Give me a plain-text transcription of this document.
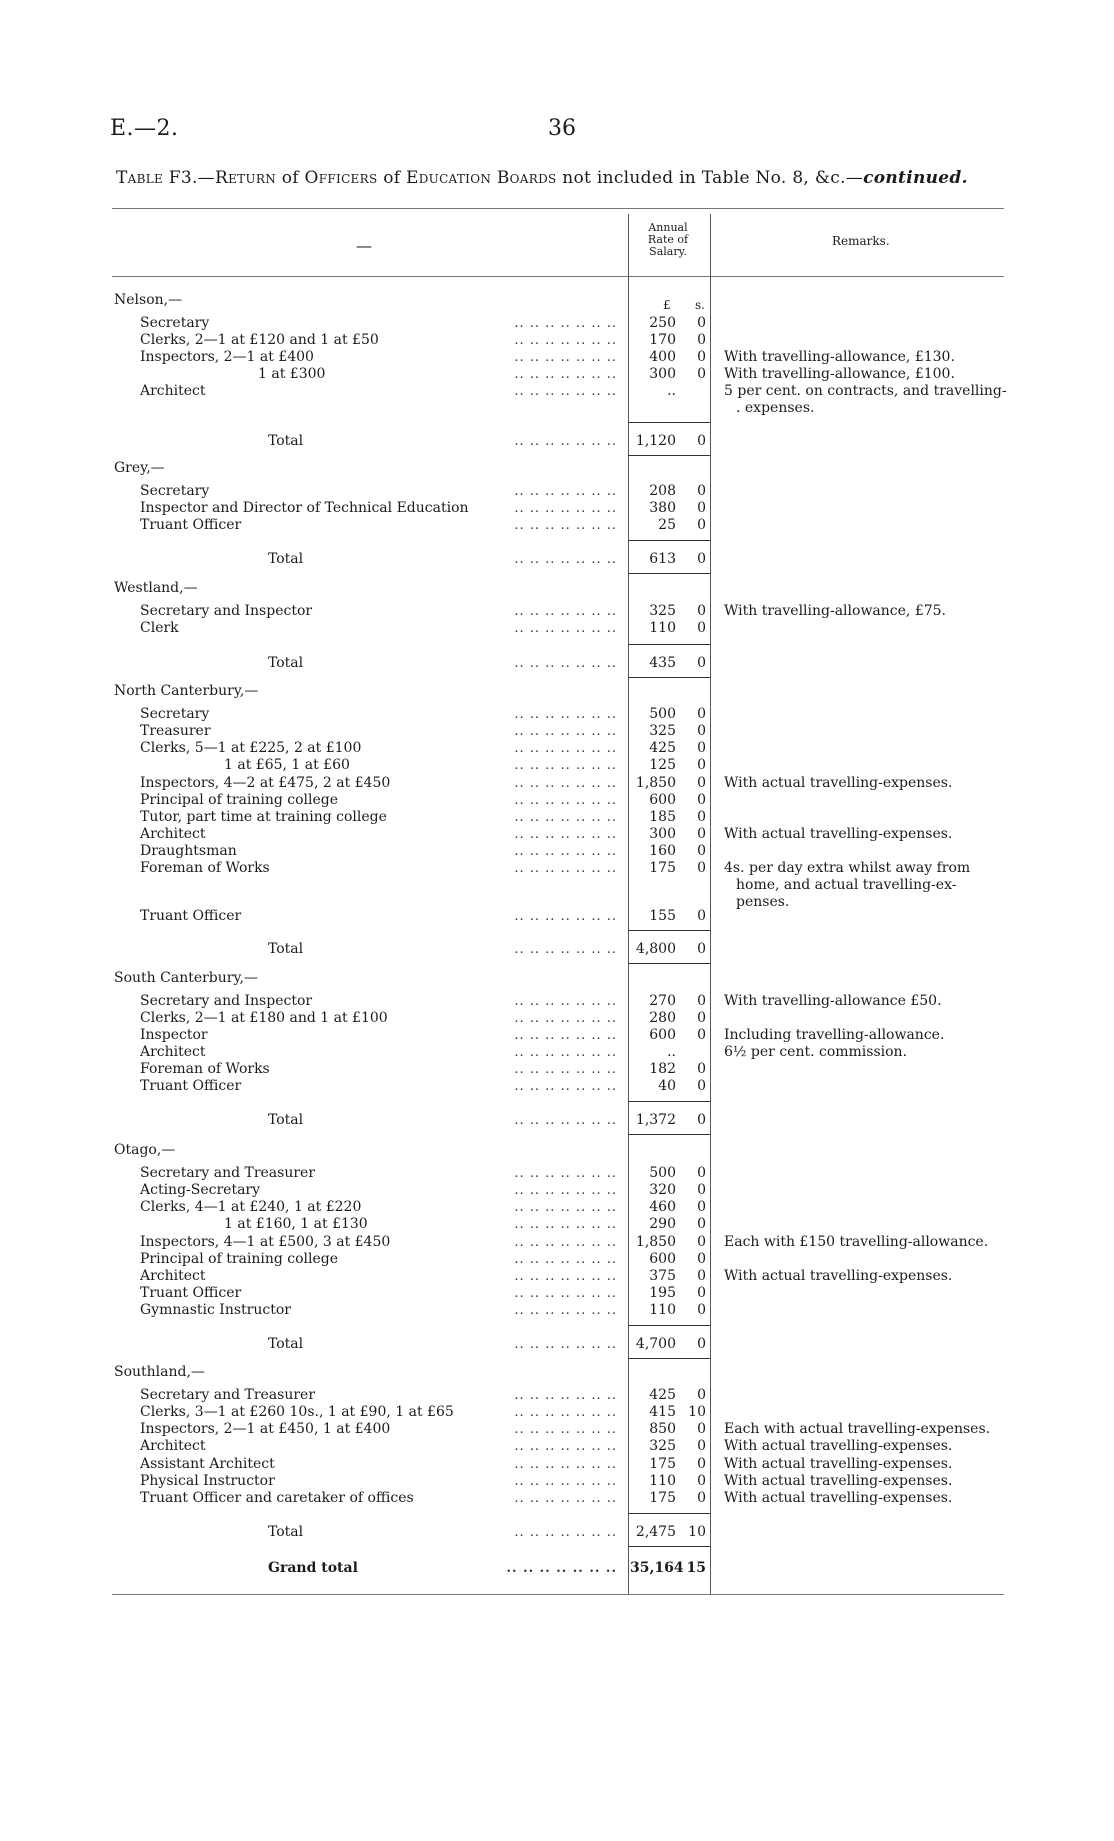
E.—2.	36
Table F3.—Return of Officers of Education Boards not included in Table No. 8, &c.—continued.
Annual
Rate of
Salary.
—	Remarks.
£ s.
Nelson,—
Secretary	.. .. .. .. .. .. ..	250	0
Clerks, 2—1 at £120 and 1 at £50	.. .. .. .. .. .. ..	170	0
Inspectors, 2—1 at £400	.. .. .. .. .. .. ..	400	0 With travelling-allowance, £130.
1 at £300	.. .. .. .. .. .. ..	300	0 With travelling-allowance, £100.
Architect	.. .. .. .. .. .. ..	..	5 per cent. on contracts, and travelling-
. expenses.
Total	.. .. .. .. .. .. ..	1,120	0
Grey,—
Secretary	.. .. .. .. .. .. ..	208	0
Inspector and Director of Technical Education	.. .. .. .. .. .. ..	380	0
Truant Officer	.. .. .. .. .. .. ..	25	0
Total	.. .. .. .. .. .. ..	613	0
Westland,—
Secretary and Inspector	.. .. .. .. .. .. ..	325	0 With travelling-allowance, £75.
Clerk	.. .. .. .. .. .. ..	110	0
Total	.. .. .. .. .. .. ..	435	0
North Canterbury,—
Secretary	.. .. .. .. .. .. ..	500	0
Treasurer	.. .. .. .. .. .. ..	325	0
Clerks, 5—1 at £225, 2 at £100	.. .. .. .. .. .. ..	425	0
1 at £65, 1 at £60	.. .. .. .. .. .. ..	125	0
Inspectors, 4—2 at £475, 2 at £450	.. .. .. .. .. .. ..	1,850	0 With actual travelling-expenses.
Principal of training college	.. .. .. .. .. .. ..	600	0
Tutor, part time at training college	.. .. .. .. .. .. ..	185	0
Architect	.. .. .. .. .. .. ..	300	0 With actual travelling-expenses.
Draughtsman	.. .. .. .. .. .. ..	160	0
Foreman of Works	.. .. .. .. .. .. ..	175	0 4s. per day extra whilst away from
home, and actual travelling-ex-
penses.
Truant Officer	.. .. .. .. .. .. ..	155	0
Total	.. .. .. .. .. .. ..	4,800	0
South Canterbury,—
Secretary and Inspector	.. .. .. .. .. .. ..	270	0 With travelling-allowance £50.
Clerks, 2—1 at £180 and 1 at £100	.. .. .. .. .. .. ..	280	0
Inspector	.. .. .. .. .. .. ..	600	0 Including travelling-allowance.
Architect	.. .. .. .. .. .. ..	..	6½ per cent. commission.
Foreman of Works	.. .. .. .. .. .. ..	182	0
Truant Officer	.. .. .. .. .. .. ..	40	0
Total	.. .. .. .. .. .. ..	1,372	0
Otago,—
Secretary and Treasurer	.. .. .. .. .. .. ..	500	0
Acting-Secretary	.. .. .. .. .. .. ..	320	0
Clerks, 4—1 at £240, 1 at £220	.. .. .. .. .. .. ..	460	0
1 at £160, 1 at £130	.. .. .. .. .. .. ..	290	0
Inspectors, 4—1 at £500, 3 at £450	.. .. .. .. .. .. ..	1,850	0 Each with £150 travelling-allowance.
Principal of training college	.. .. .. .. .. .. ..	600	0
Architect	.. .. .. .. .. .. ..	375	0 With actual travelling-expenses.
Truant Officer	.. .. .. .. .. .. ..	195	0
Gymnastic Instructor	.. .. .. .. .. .. ..	110	0
Total	.. .. .. .. .. .. ..	4,700	0
Southland,—
Secretary and Treasurer	.. .. .. .. .. .. ..	425	0
Clerks, 3—1 at £260 10s., 1 at £90, 1 at £65	.. .. .. .. .. .. ..	415 10
Inspectors, 2—1 at £450, 1 at £400	.. .. .. .. .. .. ..	850	0 Each with actual travelling-expenses.
Architect	.. .. .. .. .. .. ..	325	0 With actual travelling-expenses.
Assistant Architect	.. .. .. .. .. .. ..	175	0 With actual travelling-expenses.
Physical Instructor	.. .. .. .. .. .. ..	110	0 With actual travelling-expenses.
Truant Officer and caretaker of offices	.. .. .. .. .. .. ..	175	0 With actual travelling-expenses.
Total	.. .. .. .. .. .. ..	2,475 10
Grand total	.. .. .. .. .. .. .. 35,164 15
